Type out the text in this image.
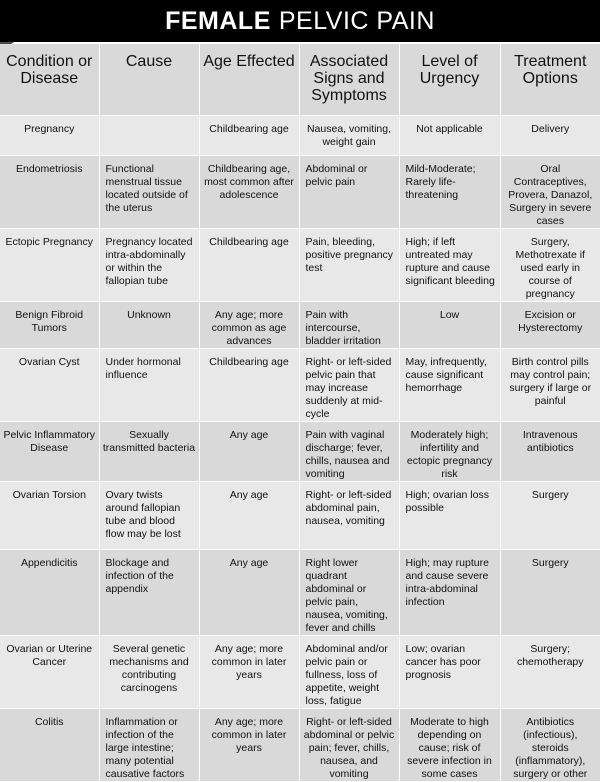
FEMALE PELVIC PAIN
Condition or Disease	Cause	Age Effected	Associated Signs and Symptoms	Level of Urgency	Treatment Options
Pregnancy		Childbearing age	Nausea, vomiting, weight gain	Not applicable	Delivery
Endometriosis	Functional menstrual tissue located outside of the uterus	Childbearing age, most common after adolescence	Abdominal or pelvic pain	Mild-Moderate; Rarely life-threatening	Oral Contraceptives, Provera, Danazol, Surgery in severe cases
Ectopic Pregnancy	Pregnancy located intra-abdominally or within the fallopian tube	Childbearing age	Pain, bleeding, positive pregnancy test	High; if left untreated may rupture and cause significant bleeding	Surgery, Methotrexate if used early in course of pregnancy
Benign Fibroid Tumors	Unknown	Any age; more common as age advances	Pain with intercourse, bladder irritation	Low	Excision or Hysterectomy
Ovarian Cyst	Under hormonal influence	Childbearing age	Right- or left-sided pelvic pain that may increase suddenly at mid-cycle	May, infrequently, cause significant hemorrhage	Birth control pills may control pain; surgery if large or painful
Pelvic Inflammatory Disease	Sexually transmitted bacteria	Any age	Pain with vaginal discharge; fever, chills, nausea and vomiting	Moderately high; infertility and ectopic pregnancy risk	Intravenous antibiotics
Ovarian Torsion	Ovary twists around fallopian tube and blood flow may be lost	Any age	Right- or left-sided abdominal pain, nausea, vomiting	High; ovarian loss possible	Surgery
Appendicitis	Blockage and infection of the appendix	Any age	Right lower quadrant abdominal or pelvic pain, nausea, vomiting, fever and chills	High; may rupture and cause severe intra-abdominal infection	Surgery
Ovarian or Uterine Cancer	Several genetic mechanisms and contributing carcinogens	Any age; more common in later years	Abdominal and/or pelvic pain or fullness, loss of appetite, weight loss, fatigue	Low; ovarian cancer has poor prognosis	Surgery; chemotherapy
Colitis	Inflammation or infection of the large intestine; many potential causative factors	Any age; more common in later years	Right- or left-sided abdominal or pelvic pain; fever, chills, nausea, and vomiting	Moderate to high depending on cause; risk of severe infection in some cases	Antibiotics (infectious), steroids (inflammatory), surgery or other
